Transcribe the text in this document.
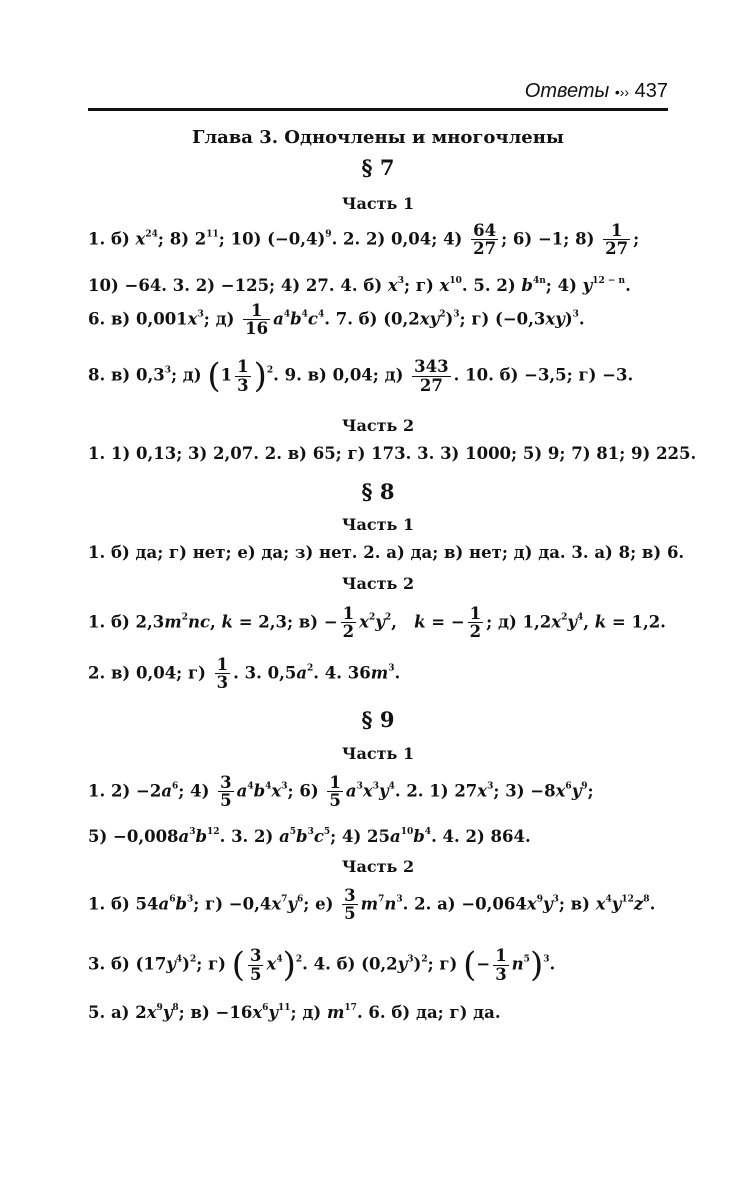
Ответы •›› 437
Глава 3. Одночлены и многочлены
§ 7
Часть 1
1. б) $x^{24}$; 8) $2^{11}$; 10) $(-0,4)^9$. 2. 2) 0,04; $4) \frac{64}{27}$ ; 6) −1; $8) \frac{1}{27}$ ;
10) −64. 3. 2) −125; 4) 27. 4. б) $x^3$; г) $x^{10}$. 5. 2) $b^{4n}$; 4) $y^{12 - n}$.
6. в) $0,001x^3$; $д) \frac{1}{16} a^4b^4c^4$. 7. б) $(0,2xy^2)^3$; г) $(-0,3xy)^3$.
8. в) $0,3^3$; д) $(1 \frac{1}{3} )^2$. 9. в) 0,04; $д) \frac{343}{27}$ . 10. б) −3,5; г) −3.
Часть 2
1. 1) 0,13; 3) 2,07. 2. в) 65; г) 173. 3. 3) 1000; 5) 9; 7) 81; 9) 225.
§ 8
Часть 1
1. б) да; г) нет; е) да; з) нет. 2. а) да; в) нет; д) да. 3. а) 8; в) 6.
Часть 2
1. б) $2,3m^2nc$, k = 2,3; $в) - \frac{1}{2} x^2y^2$,   k = − $\frac{1}{2}$ ; д) $1,2x^2y^4$, k = 1,2.
2. в) 0,04; $г) \frac{1}{3}$ . 3. $0,5a^2$. 4. $36m^3$.
§ 9
Часть 1
1. $2) -2a^6$; $4) \frac{3}{5} a^4b^4x^3$; $6) \frac{1}{5} a^3x^3y^4$. 2. 1) $27x^3$; $3) -8x^6y^9$;
$5) -0,008a^3b^{12}$. 3. 2) $a^5b^3c^5$; 4) $25a^{10}b^4$. 4. 2) 864.
Часть 2
1. б) $54a^6b^3$; $г) -0,4x^7y^6$; $е) \frac{3}{5} m^7n^3$. 2. $а) -0,064x^9y^3$; в) $x^4y^{12}z^8$.
3. б) $(17y^4)^2$; г) ( $\frac{3}{5} x^4)^2$. 4. б) $(0,2y^3)^2$; г) (− $\frac{1}{3} n^5)^3$.
5. а) $2x^9y^8$; $в) -16x^6y^{11}$; д) $m^{17}$. 6. б) да; г) да.
